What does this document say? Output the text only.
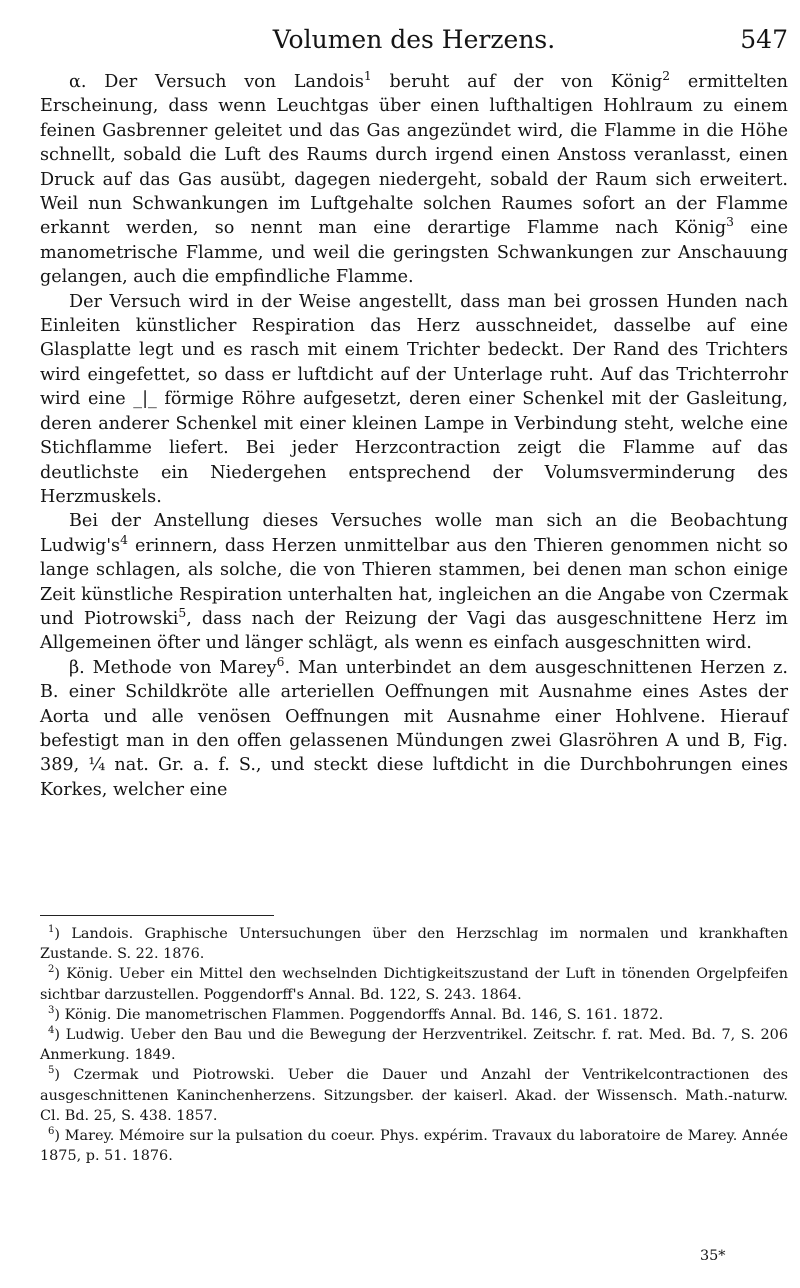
Volumen des Herzens.	547

α. Der Versuch von Landois$^1$ beruht auf der von König$^2$ ermittelten Erscheinung, dass wenn Leuchtgas über einen lufthaltigen Hohlraum zu einem feinen Gasbrenner geleitet und das Gas angezündet wird, die Flamme in die Höhe schnellt, sobald die Luft des Raums durch irgend einen Anstoss veranlasst, einen Druck auf das Gas ausübt, dagegen niedergeht, sobald der Raum sich erweitert. Weil nun Schwankungen im Luftgehalte solchen Raumes sofort an der Flamme erkannt werden, so nennt man eine derartige Flamme nach König$^3$ eine manometrische Flamme, und weil die geringsten Schwankungen zur Anschauung gelangen, auch die empfindliche Flamme.

Der Versuch wird in der Weise angestellt, dass man bei grossen Hunden nach Einleiten künstlicher Respiration das Herz ausschneidet, dasselbe auf eine Glasplatte legt und es rasch mit einem Trichter bedeckt. Der Rand des Trichters wird eingefettet, so dass er luftdicht auf der Unterlage ruht. Auf das Trichterrohr wird eine _|_ förmige Röhre aufgesetzt, deren einer Schenkel mit der Gasleitung, deren anderer Schenkel mit einer kleinen Lampe in Verbindung steht, welche eine Stichflamme liefert. Bei jeder Herzcontraction zeigt die Flamme auf das deutlichste ein Niedergehen entsprechend der Volumsverminderung des Herzmuskels.

Bei der Anstellung dieses Versuches wolle man sich an die Beobachtung $Ludwig's^4$ erinnern, dass Herzen unmittelbar aus den Thieren genommen nicht so lange schlagen, als solche, die von Thieren stammen, bei denen man schon einige Zeit künstliche Respiration unterhalten hat, ingleichen an die Angabe von Czermak und Piotrowski$^5$, dass nach der Reizung der Vagi das ausgeschnittene Herz im Allgemeinen öfter und länger schlägt, als wenn es einfach ausgeschnitten wird.

β. Methode von Marey$^6$. Man unterbindet an dem ausgeschnittenen Herzen z. B. einer Schildkröte alle arteriellen Oeffnungen mit Ausnahme eines Astes der Aorta und alle venösen Oeffnungen mit Ausnahme einer Hohlvene. Hierauf befestigt man in den offen gelassenen Mündungen zwei Glasröhren A und B, Fig. 389, ¼ nat. Gr. a. f. S., und steckt diese luftdicht in die Durchbohrungen eines Korkes, welcher eine

$^1$) Landois. Graphische Untersuchungen über den Herzschlag im normalen und krankhaften Zustande. S. 22. 1876.

$^2$) König. Ueber ein Mittel den wechselnden Dichtigkeitszustand der Luft in tönenden Orgelpfeifen sichtbar darzustellen. Poggendorff's Annal. Bd. 122, S. 243. 1864.

$^3$) König. Die manometrischen Flammen. Poggendorffs Annal. Bd. 146, S. 161. 1872.

$^4$) Ludwig. Ueber den Bau und die Bewegung der Herzventrikel. Zeitschr. f. rat. Med. Bd. 7, S. 206 Anmerkung. 1849.

$^5$) Czermak und Piotrowski. Ueber die Dauer und Anzahl der Ventrikelcontractionen des ausgeschnittenen Kaninchenherzens. Sitzungsber. der kaiserl. Akad. der Wissensch. Math.-naturw. Cl. Bd. 25, S. 438. 1857.

$^6$) Marey. Mémoire sur la pulsation du coeur. Phys. expérim. Travaux du laboratoire de Marey. Année 1875, p. 51. 1876.

35*
